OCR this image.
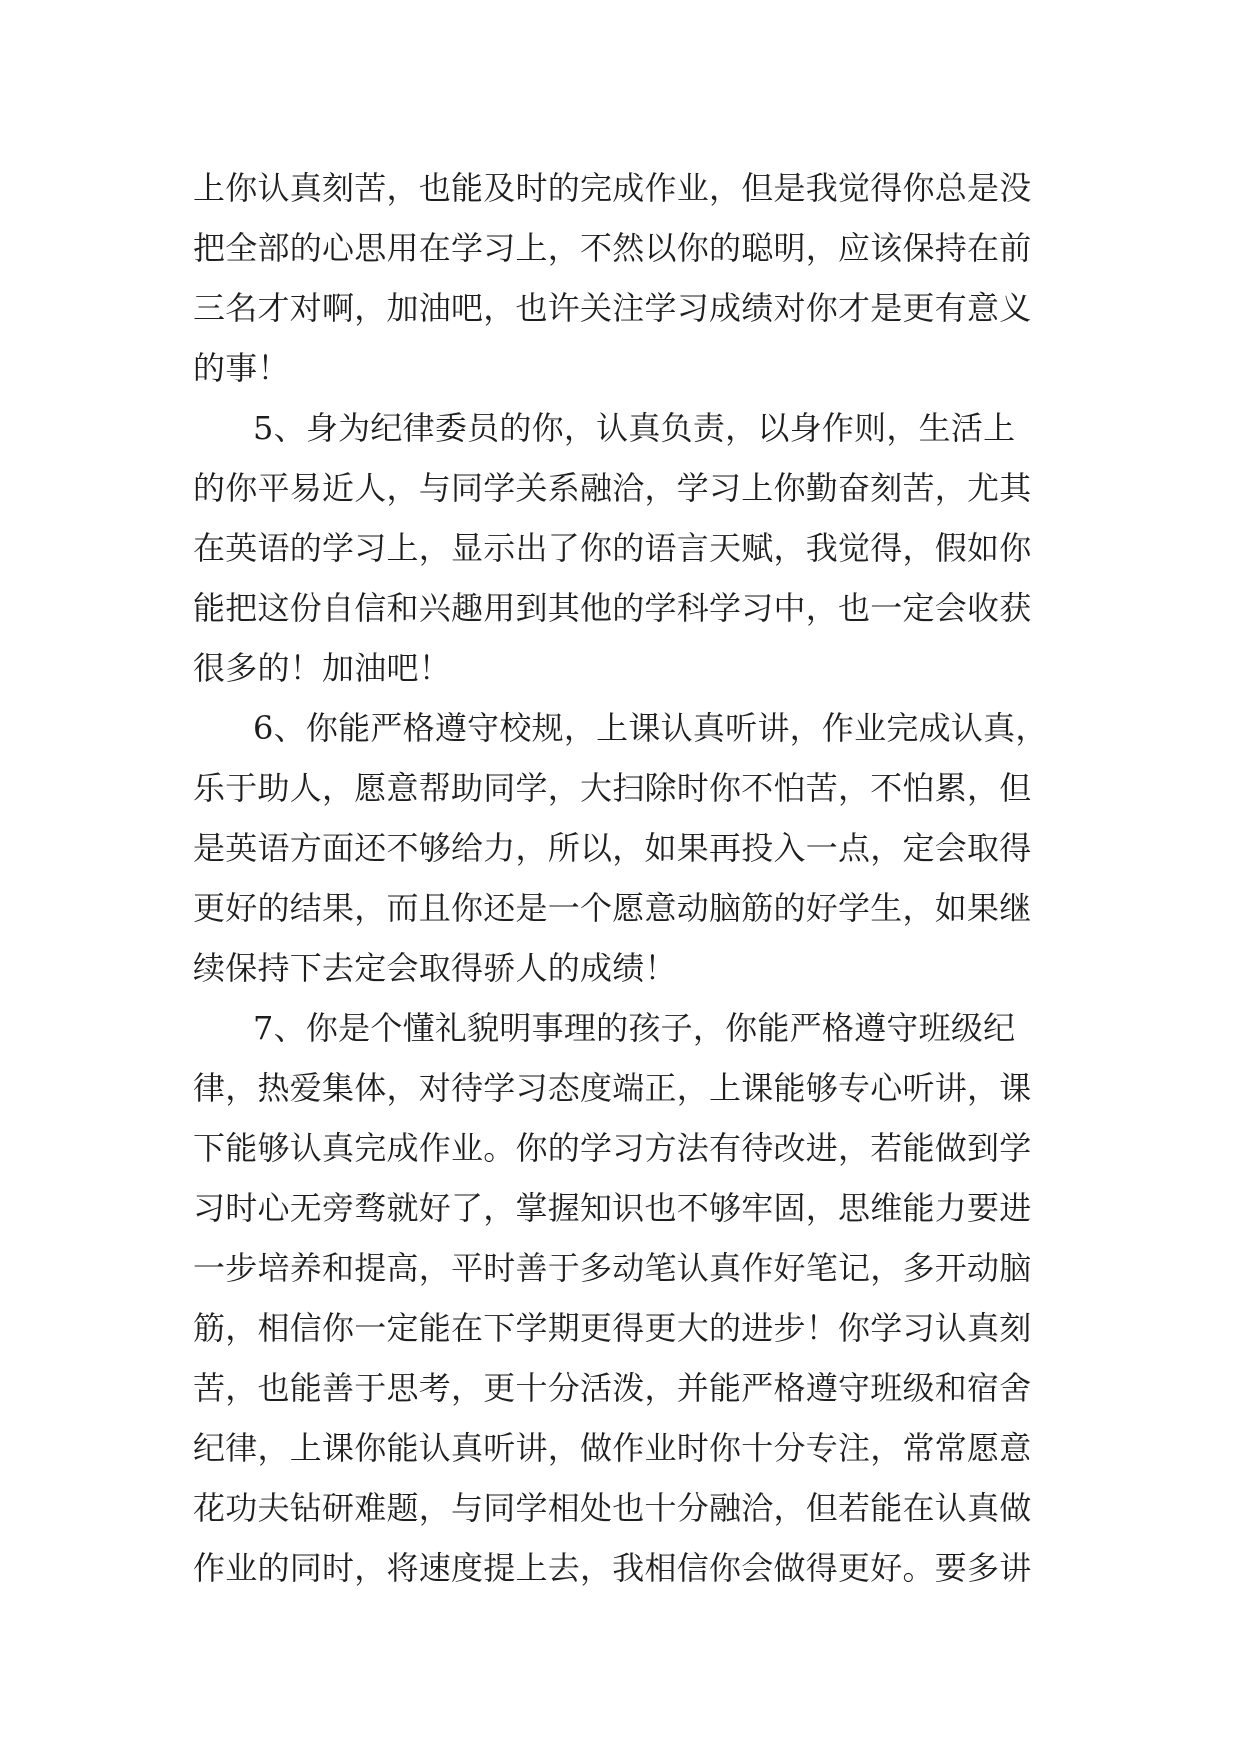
上你认真刻苦，也能及时的完成作业，但是我觉得你总是没
把全部的心思用在学习上，不然以你的聪明，应该保持在前
三名才对啊，加油吧，也许关注学习成绩对你才是更有意义
的事！
5、身为纪律委员的你，认真负责，以身作则，生活上
的你平易近人，与同学关系融洽，学习上你勤奋刻苦，尤其
在英语的学习上，显示出了你的语言天赋，我觉得，假如你
能把这份自信和兴趣用到其他的学科学习中，也一定会收获
很多的！加油吧！
6、你能严格遵守校规，上课认真听讲，作业完成认真，
乐于助人，愿意帮助同学，大扫除时你不怕苦，不怕累，但
是英语方面还不够给力，所以，如果再投入一点，定会取得
更好的结果，而且你还是一个愿意动脑筋的好学生，如果继
续保持下去定会取得骄人的成绩！
7、你是个懂礼貌明事理的孩子，你能严格遵守班级纪
律，热爱集体，对待学习态度端正，上课能够专心听讲，课
下能够认真完成作业。你的学习方法有待改进，若能做到学
习时心无旁骛就好了，掌握知识也不够牢固，思维能力要进
一步培养和提高，平时善于多动笔认真作好笔记，多开动脑
筋，相信你一定能在下学期更得更大的进步！你学习认真刻
苦，也能善于思考，更十分活泼，并能严格遵守班级和宿舍
纪律，上课你能认真听讲，做作业时你十分专注，常常愿意
花功夫钻研难题，与同学相处也十分融洽，但若能在认真做
作业的同时，将速度提上去，我相信你会做得更好。要多讲
